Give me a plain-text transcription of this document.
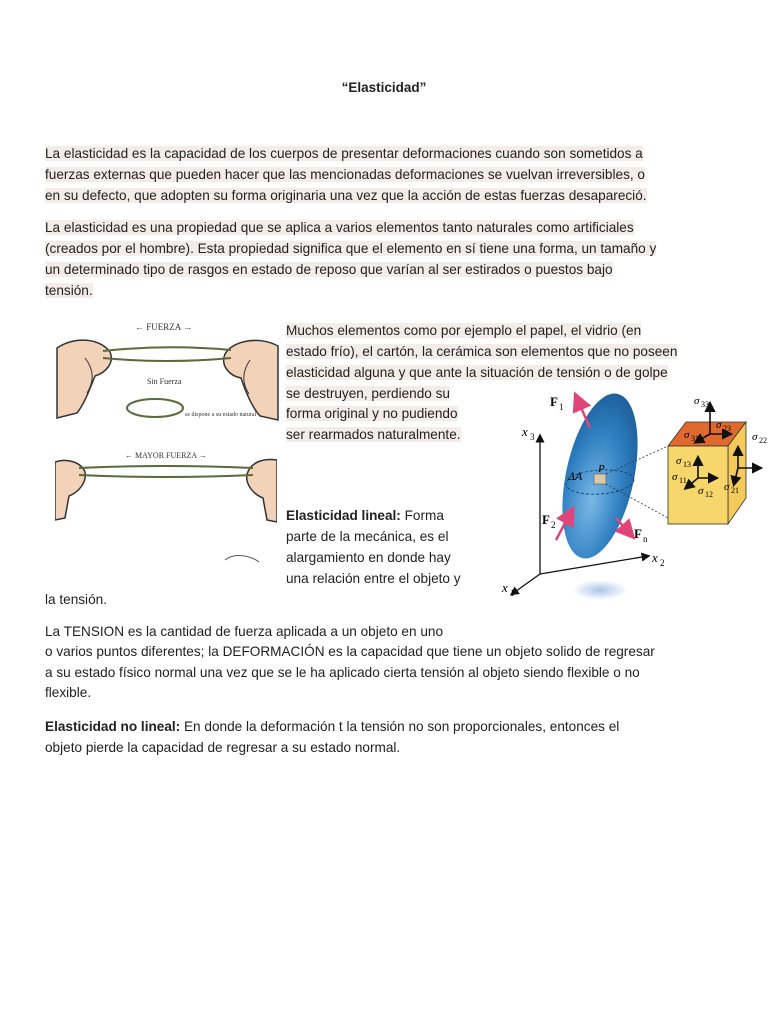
“Elasticidad”
La elasticidad es la capacidad de los cuerpos de presentar deformaciones cuando son sometidos a
fuerzas externas que pueden hacer que las mencionadas deformaciones se vuelvan irreversibles, o
en su defecto, que adopten su forma originaria una vez que la acción de estas fuerzas desapareció.
La elasticidad es una propiedad que se aplica a varios elementos tanto naturales como artificiales
(creados por el hombre). Esta propiedad significa que el elemento en sí tiene una forma, un tamaño y
un determinado tipo de rasgos en estado de reposo que varían al ser estirados o puestos bajo
tensión.
← FUERZA →
Sin Fuerza
se dispone a su estado natural
Muchos elementos como por ejemplo el papel, el vidrio (en
estado frío), el cartón, la cerámica son elementos que no poseen
elasticidad alguna y que ante la situación de tensión o de golpe
se destruyen, perdiendo su
forma original y no pudiendo
ser rearmados naturalmente.
← MAYOR FUERZA →
x 3
x 2
x 1
ΔA P
F 1
F 2
F n
σ 33
σ 31
σ 23
σ 13
σ 11
σ 12
σ 21
σ 22
Elasticidad lineal: Forma
parte de la mecánica, es el
alargamiento en donde hay
una relación entre el objeto y
la tensión.
La TENSION es la cantidad de fuerza aplicada a un objeto en uno
o varios puntos diferentes; la DEFORMACIÓN es la capacidad que tiene un objeto solido de regresar
a su estado físico normal una vez que se le ha aplicado cierta tensión al objeto siendo flexible o no
flexible.
Elasticidad no lineal: En donde la deformación t la tensión no son proporcionales, entonces el
objeto pierde la capacidad de regresar a su estado normal.
